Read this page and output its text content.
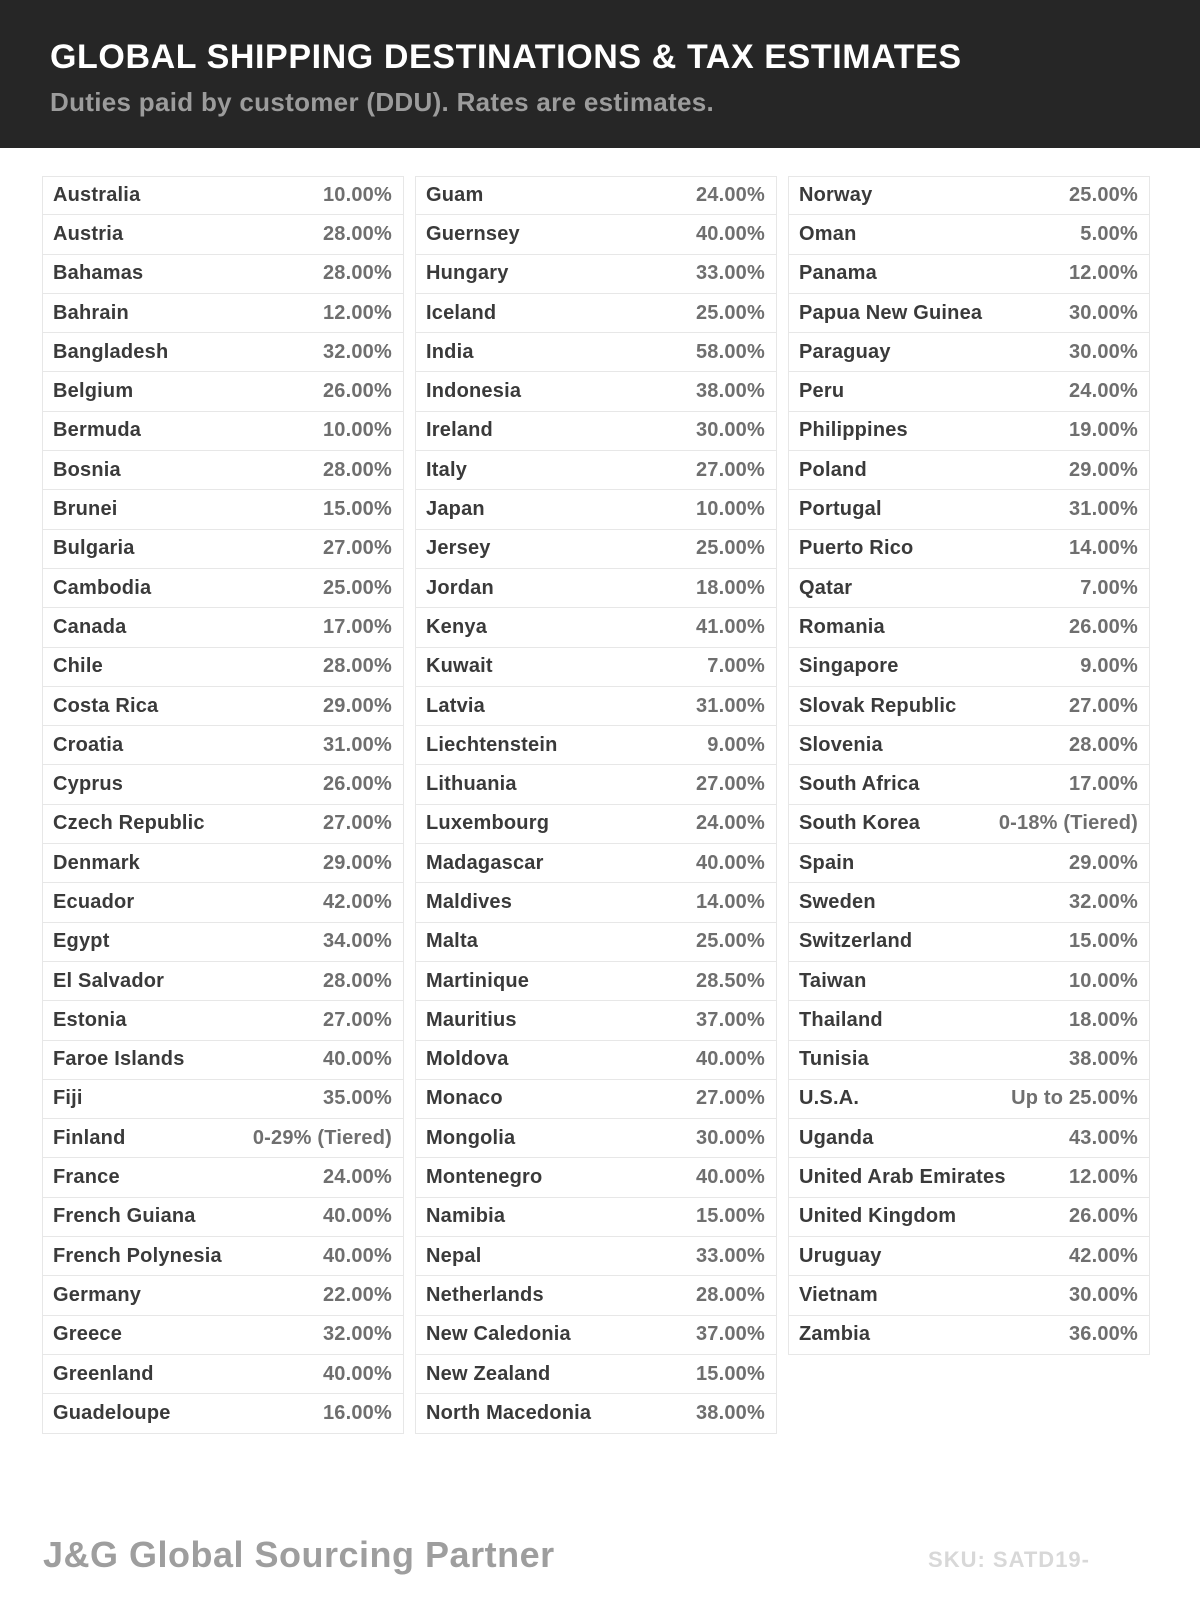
GLOBAL SHIPPING DESTINATIONS & TAX ESTIMATES

Duties paid by customer (DDU). Rates are estimates.

Australia	10.00%
Austria	28.00%
Bahamas	28.00%
Bahrain	12.00%
Bangladesh	32.00%
Belgium	26.00%
Bermuda	10.00%
Bosnia	28.00%
Brunei	15.00%
Bulgaria	27.00%
Cambodia	25.00%
Canada	17.00%
Chile	28.00%
Costa Rica	29.00%
Croatia	31.00%
Cyprus	26.00%
Czech Republic	27.00%
Denmark	29.00%
Ecuador	42.00%
Egypt	34.00%
El Salvador	28.00%
Estonia	27.00%
Faroe Islands	40.00%
Fiji	35.00%
Finland	0-29% (Tiered)
France	24.00%
French Guiana	40.00%
French Polynesia	40.00%
Germany	22.00%
Greece	32.00%
Greenland	40.00%
Guadeloupe	16.00%
Guam	24.00%
Guernsey	40.00%
Hungary	33.00%
Iceland	25.00%
India	58.00%
Indonesia	38.00%
Ireland	30.00%
Italy	27.00%
Japan	10.00%
Jersey	25.00%
Jordan	18.00%
Kenya	41.00%
Kuwait	7.00%
Latvia	31.00%
Liechtenstein	9.00%
Lithuania	27.00%
Luxembourg	24.00%
Madagascar	40.00%
Maldives	14.00%
Malta	25.00%
Martinique	28.50%
Mauritius	37.00%
Moldova	40.00%
Monaco	27.00%
Mongolia	30.00%
Montenegro	40.00%
Namibia	15.00%
Nepal	33.00%
Netherlands	28.00%
New Caledonia	37.00%
New Zealand	15.00%
North Macedonia	38.00%
Norway	25.00%
Oman	5.00%
Panama	12.00%
Papua New Guinea	30.00%
Paraguay	30.00%
Peru	24.00%
Philippines	19.00%
Poland	29.00%
Portugal	31.00%
Puerto Rico	14.00%
Qatar	7.00%
Romania	26.00%
Singapore	9.00%
Slovak Republic	27.00%
Slovenia	28.00%
South Africa	17.00%
South Korea	0-18% (Tiered)
Spain	29.00%
Sweden	32.00%
Switzerland	15.00%
Taiwan	10.00%
Thailand	18.00%
Tunisia	38.00%
U.S.A.	Up to 25.00%
Uganda	43.00%
United Arab Emirates	12.00%
United Kingdom	26.00%
Uruguay	42.00%
Vietnam	30.00%
Zambia	36.00%
J&G Global Sourcing Partner	SKU: SATD19-
